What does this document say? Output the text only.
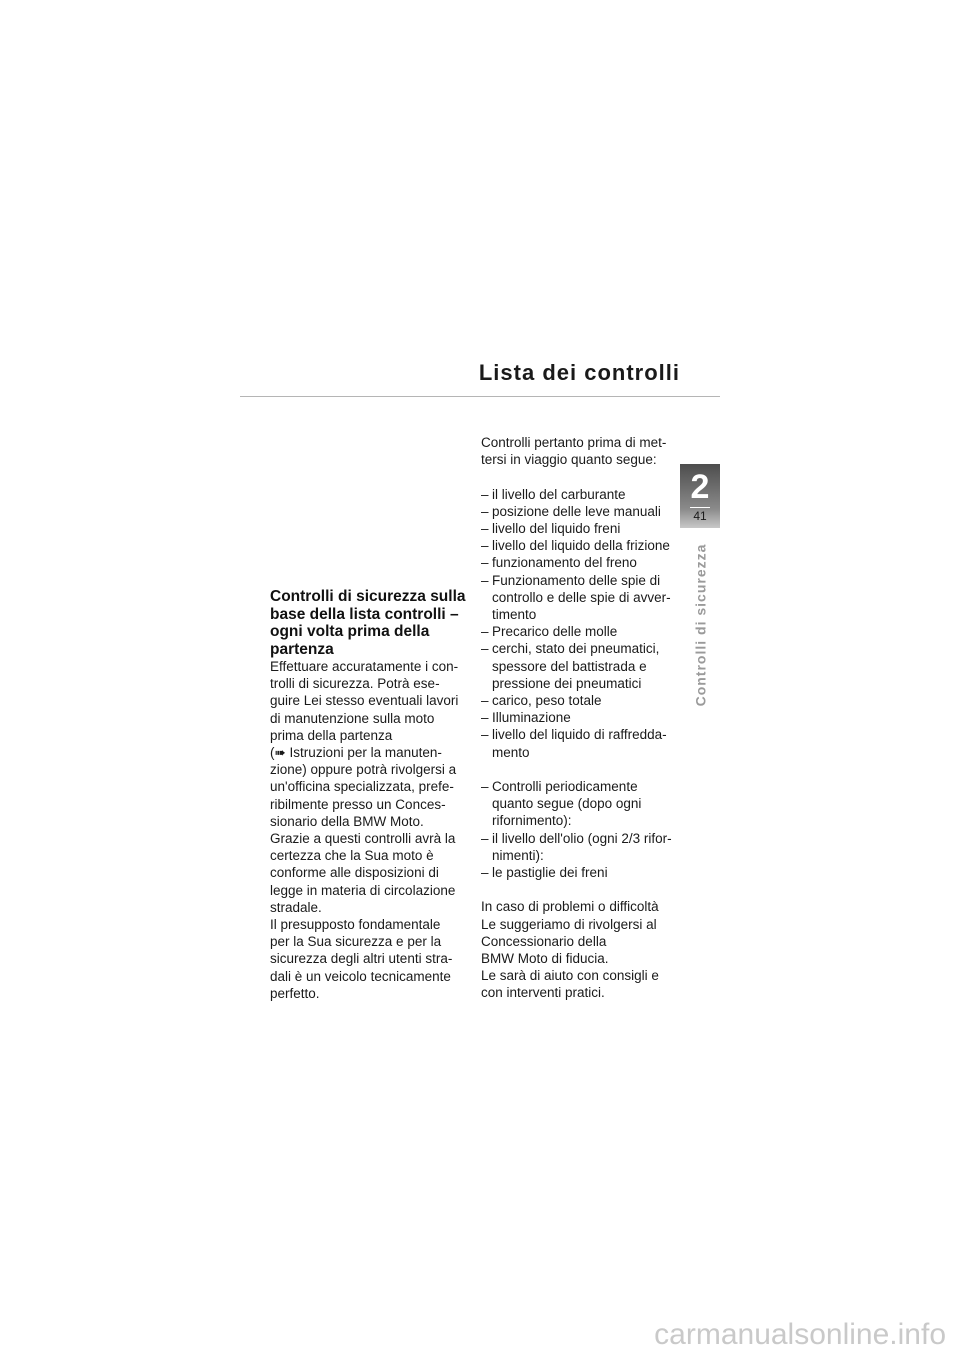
Lista dei controlli
2
41
Controlli di sicurezza
Controlli di sicurezza sulla base della lista controlli – ogni volta prima della partenza

Effettuare accuratamente i con-
trolli di sicurezza. Potrà ese-
guire Lei stesso eventuali lavori
di manutenzione sulla moto
prima della partenza
(➠ Istruzioni per la manuten-
zione) oppure potrà rivolgersi a
un'officina specializzata, prefe-
ribilmente presso un Conces-
sionario della BMW Moto.
Grazie a questi controlli avrà la
certezza che la Sua moto è
conforme alle disposizioni di
legge in materia di circolazione
stradale.
Il presupposto fondamentale
per la Sua sicurezza e per la
sicurezza degli altri utenti stra-
dali è un veicolo tecnicamente
perfetto.

Controlli pertanto prima di met-
tersi in viaggio quanto segue:

– il livello del carburante
– posizione delle leve manuali
– livello del liquido freni
– livello del liquido della frizione
– funzionamento del freno
– Funzionamento delle spie di
controllo e delle spie di avver-
timento
– Precarico delle molle
– cerchi, stato dei pneumatici,
spessore del battistrada e
pressione dei pneumatici
– carico, peso totale
– Illuminazione
– livello del liquido di raffredda-
mento
– Controlli periodicamente
quanto segue (dopo ogni
rifornimento):
– il livello dell'olio (ogni 2/3 rifor-
nimenti):
– le pastiglie dei freni

In caso di problemi o difficoltà
Le suggeriamo di rivolgersi al
Concessionario della
BMW Moto di fiducia.
Le sarà di aiuto con consigli e
con interventi pratici.

carmanualsonline.info
